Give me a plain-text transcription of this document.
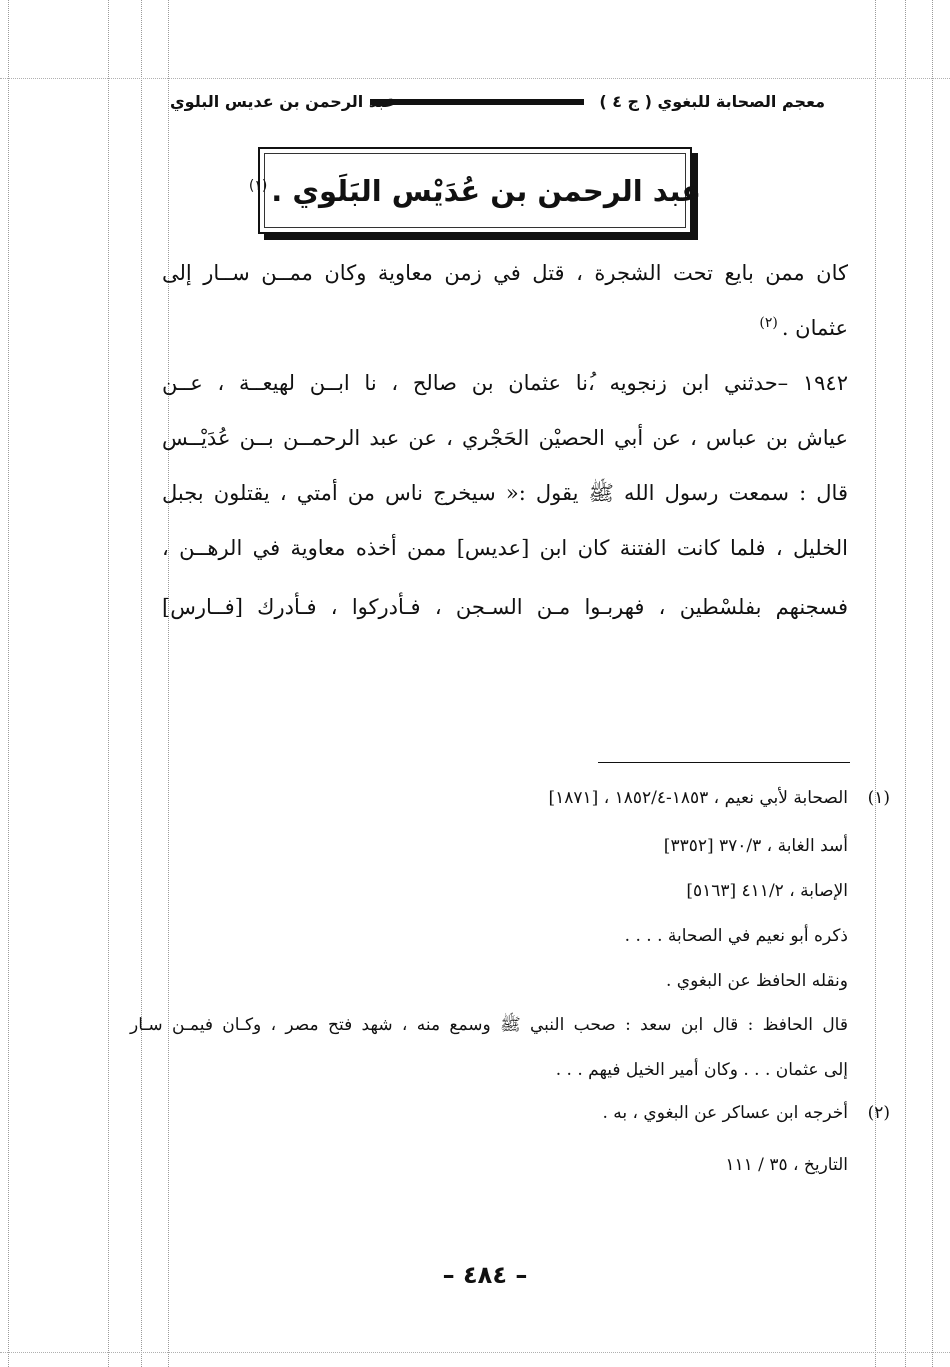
معجم الصحابة للبغوي ( ج ٤ )
عبد الرحمن بن عديس البلوي
عبد الرحمن بن عُدَيْس البَلَوي .$^{(١)}$
كان ممن بايع تحت الشجرة ، قتل في زمن معاوية وكان ممــن ســار إلى
عثمان .$^{(٢)}$
١٩٤٢ –حدثني ابن زنجويه ،ُنا عثمان بن صالح ، نا ابــن لهيعــة ، عــن
عياش بن عباس ، عن أبي الحصيْن الحَجْري ، عن عبد الرحمــن بــن عُدَيْــس
قال : سمعت رسول الله ﷺ يقول :« سيخرج ناس من أمتي ، يقتلون بجبل
الخليل ، فلما كانت الفتنة كان ابن [عديس] ممن أخذه معاوية في الرهــن ،
فسجنهم بفلسْطين ، فهربـوا مـن السـجن ، فـأدركوا ، فـأدرك [فــارس]
(١)
الصحابة لأبي نعيم ، ١٨٥٣-١٨٥٢/٤ ، [١٨٧١]
أسد الغابة ، ٣٧٠/٣ [٣٣٥٢]
الإصابة ، ٤١١/٢ [٥١٦٣]
ذكره أبو نعيم في الصحابة . . . .
ونقله الحافظ عن البغوي .
قال الحافظ : قال ابن سعد : صحب النبي ﷺ وسمع منه ، شهد فتح مصر ، وكـان فيمـن سـار
إلى عثمان . . . وكان أمير الخيل فيهم . . .
(٢)
أخرجه ابن عساكر عن البغوي ، به .
التاريخ ، ٣٥ / ١١١
– ٤٨٤ –
